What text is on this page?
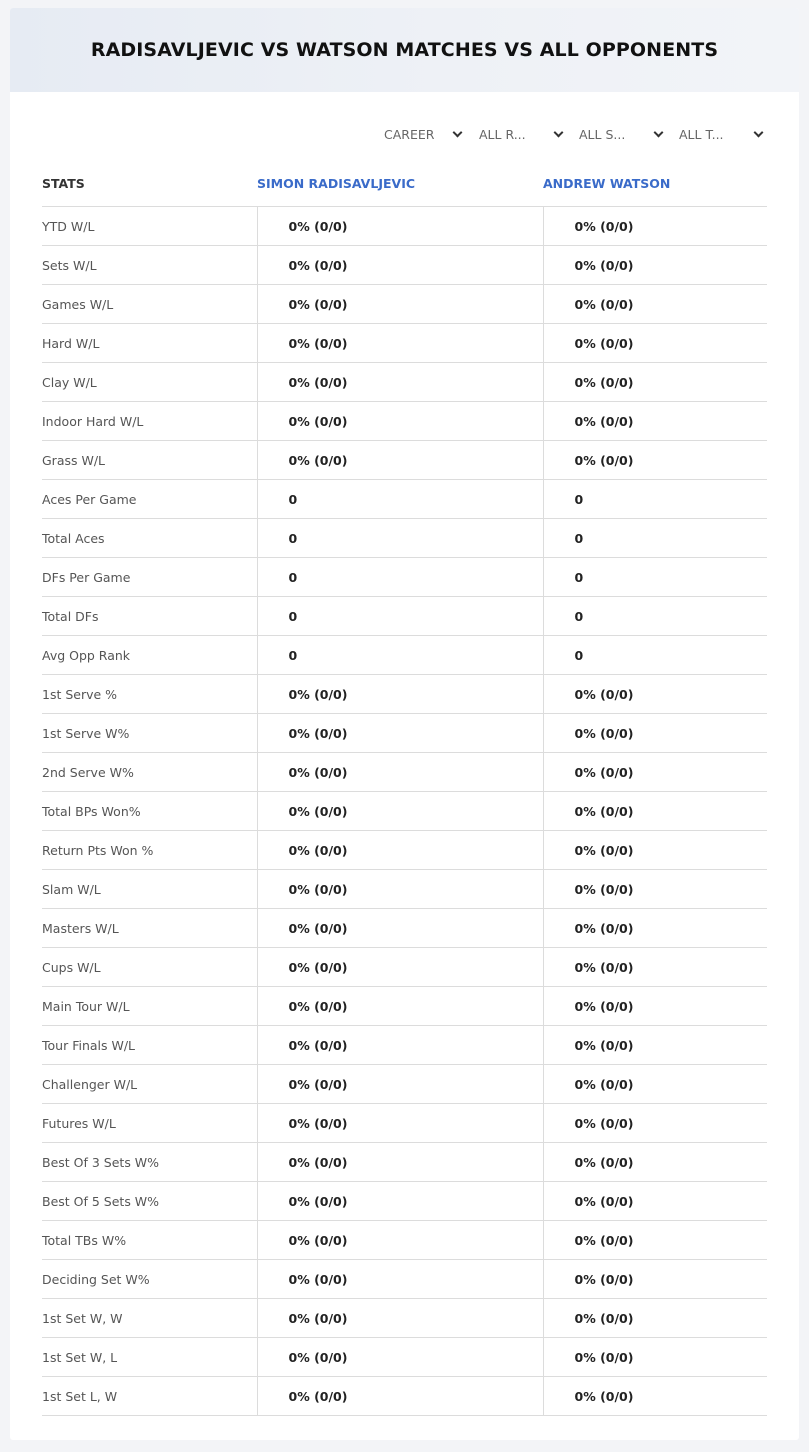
RADISAVLJEVIC VS WATSON MATCHES VS ALL OPPONENTS
CAREER	ALL R...	ALL S...	ALL T...
STATS	SIMON RADISAVLJEVIC	ANDREW WATSON
YTD W/L	0% (0/0)	0% (0/0)
Sets W/L	0% (0/0)	0% (0/0)
Games W/L	0% (0/0)	0% (0/0)
Hard W/L	0% (0/0)	0% (0/0)
Clay W/L	0% (0/0)	0% (0/0)
Indoor Hard W/L	0% (0/0)	0% (0/0)
Grass W/L	0% (0/0)	0% (0/0)
Aces Per Game	0	0
Total Aces	0	0
DFs Per Game	0	0
Total DFs	0	0
Avg Opp Rank	0	0
1st Serve %	0% (0/0)	0% (0/0)
1st Serve W%	0% (0/0)	0% (0/0)
2nd Serve W%	0% (0/0)	0% (0/0)
Total BPs Won%	0% (0/0)	0% (0/0)
Return Pts Won %	0% (0/0)	0% (0/0)
Slam W/L	0% (0/0)	0% (0/0)
Masters W/L	0% (0/0)	0% (0/0)
Cups W/L	0% (0/0)	0% (0/0)
Main Tour W/L	0% (0/0)	0% (0/0)
Tour Finals W/L	0% (0/0)	0% (0/0)
Challenger W/L	0% (0/0)	0% (0/0)
Futures W/L	0% (0/0)	0% (0/0)
Best Of 3 Sets W%	0% (0/0)	0% (0/0)
Best Of 5 Sets W%	0% (0/0)	0% (0/0)
Total TBs W%	0% (0/0)	0% (0/0)
Deciding Set W%	0% (0/0)	0% (0/0)
1st Set W, W	0% (0/0)	0% (0/0)
1st Set W, L	0% (0/0)	0% (0/0)
1st Set L, W	0% (0/0)	0% (0/0)
